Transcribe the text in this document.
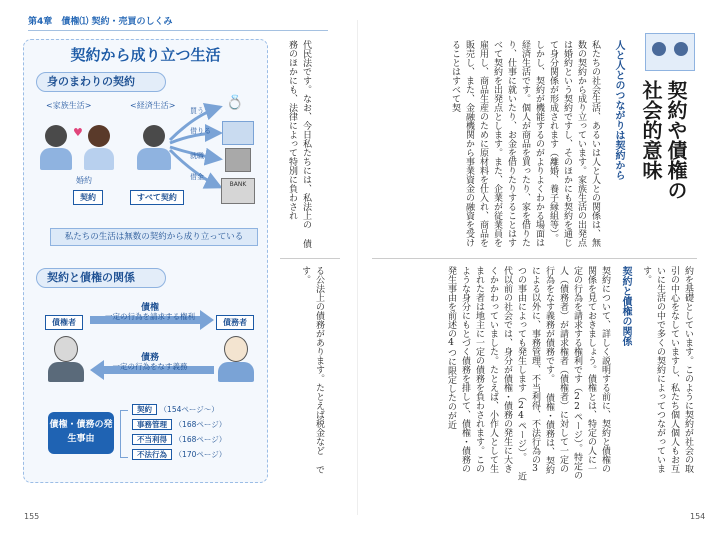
第4章 債権⑴ 契約・売買のしくみ
契約から成り立つ生活
身のまわりの契約
<家族生活>	<経済生活>
♥
婚約
契約	すべて契約
買う
借りる
就職
借金
💍
BANK
私たちの生活は無数の契約から成り立っている
契約と債権の関係
債権者	債務者
債権
一定の行為を請求する権利
債務
一定の行為をなす義務
債権・債務の発生事由
契約 （154ページ〜）
事務管理 （168ページ）
不当利得 （168ページ）
不法行為 （170ページ）
代民法です。なお、今日私たちには、私法上の 債務のほかにも、法律によって特別に負わされ
る公法上の債務があります。たとえば税金など です。
契約や債権の
社会的意味
人と人とのつながりは契約から
私たちの社会生活、あるいは人と人との関係は、無数の契約から成り立っています。家族生活の出発点は婚約という契約ですし、そのほかにも契約を通じて身分関係が形成されます（離婚、養子縁組等）。 しかし、契約が機能するのがよりよくわかる場面は経済生活です。個人が商品を買ったり、家を借りたり、仕事に就いたり、お金を借りたりすることはすべて契約を出発点とします。また、企業が従業員を雇用し、商品生産のために原材料を仕入れ、商品を販売し、また、金融機関から事業資金の融資を受けることはすべて契
約を基礎としています。このように契約が社会の取引の中心をなしていますし、私たち個人個人もお互いに生活の中で多くの契約によってつながっています。
契約と債権の関係
契約について、詳しく説明する前に、契約と債権の関係を見ておきましょう。債権とは、特定の人に一定の行為を請求する権利です（22ページ）。特定の人（債務者）が請求権者（債権者）に対して一定の行為をなす義務が債務です。 債権・債務は、契約による以外に、事務管理、不当利得、不法行為の3つの事由によっても発生します（24ページ）。 近代以前の社会では、身分が債権・債務の発生に大きくかかわっていました。たとえば、小作人として生まれた者は地主に一定の債務を負わされます。このような身分にもとづく債務を排して、債権・債務の発生事由を前述の4つに限定したのが近
155	154
